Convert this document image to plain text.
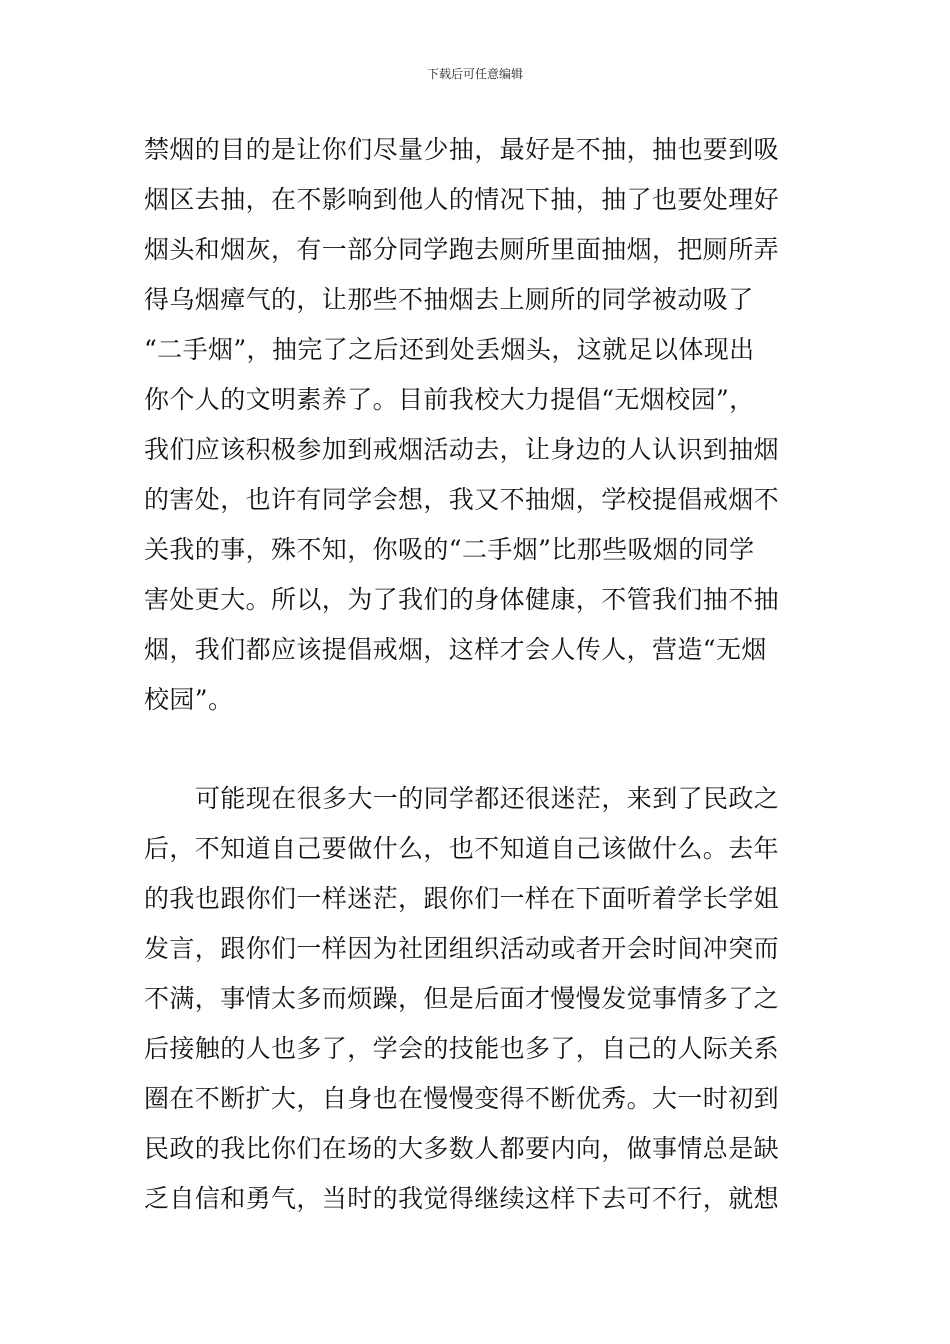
下载后可任意编辑
禁烟的目的是让你们尽量少抽，最好是不抽，抽也要到吸
烟区去抽，在不影响到他人的情况下抽，抽了也要处理好
烟头和烟灰，有一部分同学跑去厕所里面抽烟，把厕所弄
得乌烟瘴气的，让那些不抽烟去上厕所的同学被动吸了
“二手烟”，抽完了之后还到处丢烟头，这就足以体现出
你个人的文明素养了。目前我校大力提倡“无烟校园”，
我们应该积极参加到戒烟活动去，让身边的人认识到抽烟
的害处，也许有同学会想，我又不抽烟，学校提倡戒烟不
关我的事，殊不知，你吸的“二手烟”比那些吸烟的同学
害处更大。所以，为了我们的身体健康，不管我们抽不抽
烟，我们都应该提倡戒烟，这样才会人传人，营造“无烟
校园”。
可能现在很多大一的同学都还很迷茫，来到了民政之
后，不知道自己要做什么，也不知道自己该做什么。去年
的我也跟你们一样迷茫，跟你们一样在下面听着学长学姐
发言，跟你们一样因为社团组织活动或者开会时间冲突而
不满，事情太多而烦躁，但是后面才慢慢发觉事情多了之
后接触的人也多了，学会的技能也多了，自己的人际关系
圈在不断扩大，自身也在慢慢变得不断优秀。大一时初到
民政的我比你们在场的大多数人都要内向，做事情总是缺
乏自信和勇气，当时的我觉得继续这样下去可不行，就想
